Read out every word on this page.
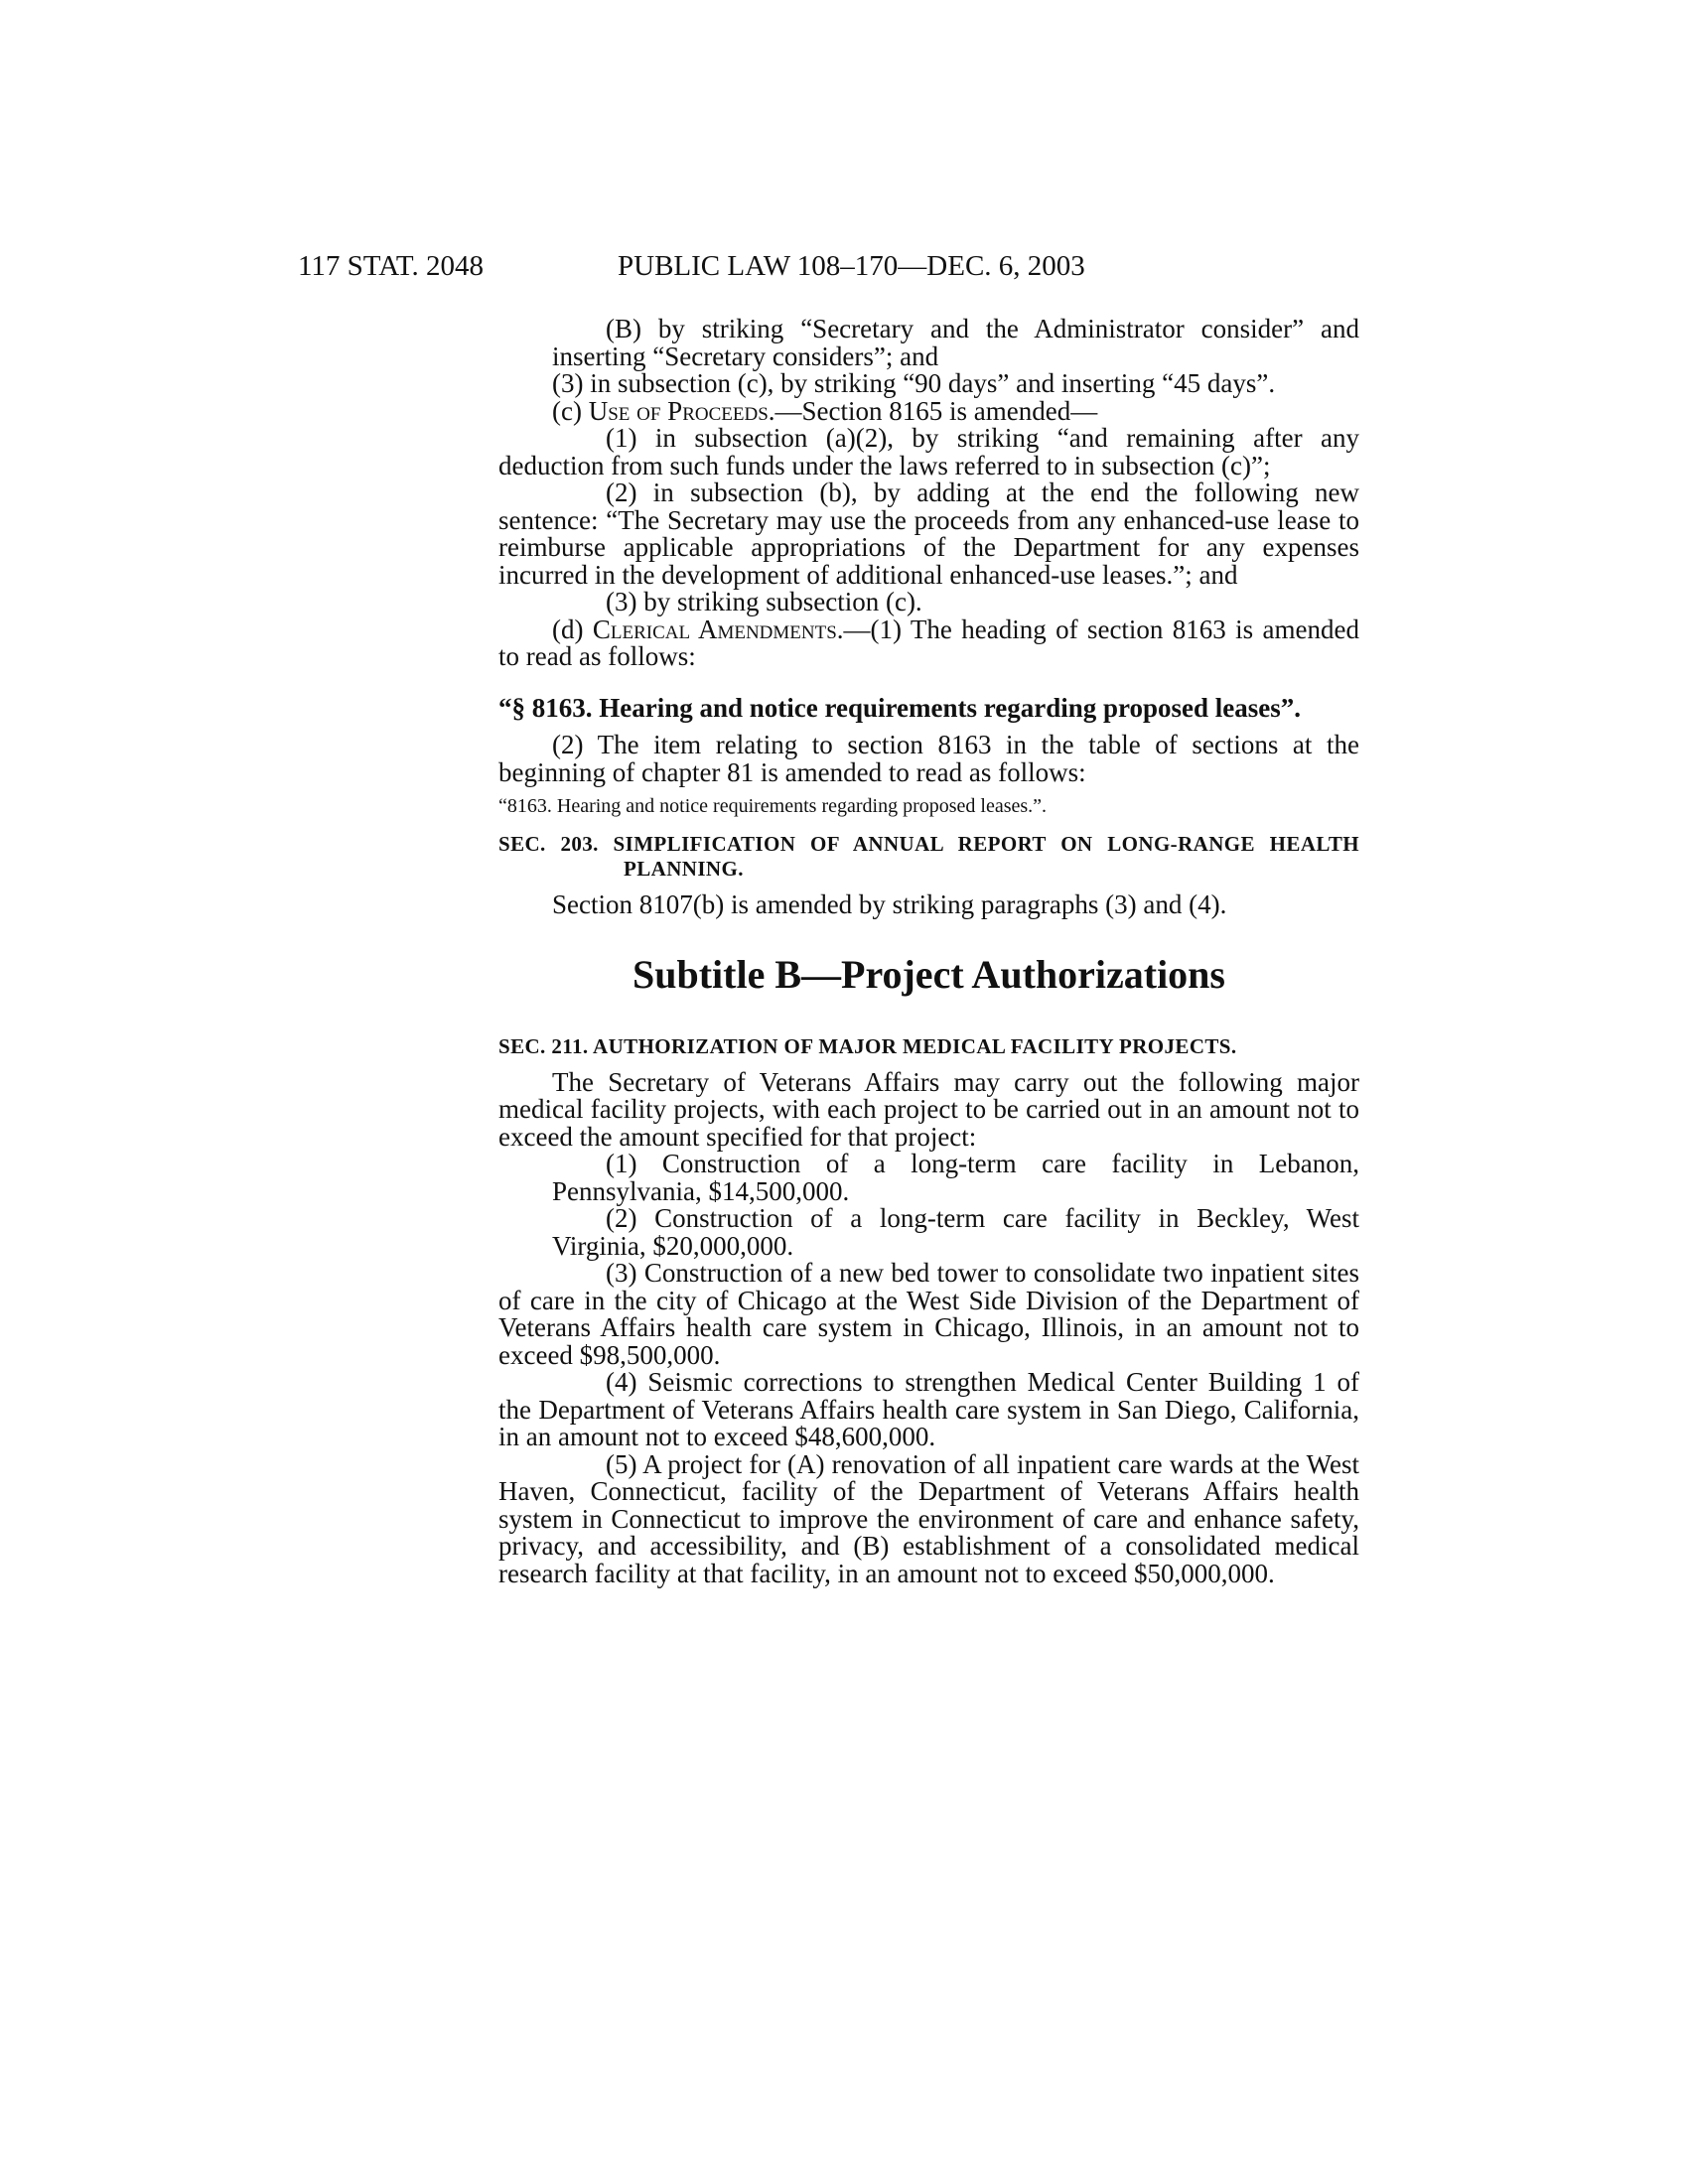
117 STAT. 2048	PUBLIC LAW 108–170—DEC. 6, 2003

(B) by striking “Secretary and the Administrator consider” and inserting “Secretary considers”; and

(3) in subsection (c), by striking “90 days” and inserting “45 days”.

(c) Use of Proceeds.—Section 8165 is amended—

(1) in subsection (a)(2), by striking “and remaining after any deduction from such funds under the laws referred to in subsection (c)”;

(2) in subsection (b), by adding at the end the following new sentence: “The Secretary may use the proceeds from any enhanced-use lease to reimburse applicable appropriations of the Department for any expenses incurred in the development of additional enhanced-use leases.”; and

(3) by striking subsection (c).

(d) Clerical Amendments.—(1) The heading of section 8163 is amended to read as follows:

“§ 8163. Hearing and notice requirements regarding proposed leases”.

(2) The item relating to section 8163 in the table of sections at the beginning of chapter 81 is amended to read as follows:

“8163. Hearing and notice requirements regarding proposed leases.”.

SEC. 203. SIMPLIFICATION OF ANNUAL REPORT ON LONG-RANGE HEALTH PLANNING.

Section 8107(b) is amended by striking paragraphs (3) and (4).

Subtitle B—Project Authorizations

SEC. 211. AUTHORIZATION OF MAJOR MEDICAL FACILITY PROJECTS.

The Secretary of Veterans Affairs may carry out the following major medical facility projects, with each project to be carried out in an amount not to exceed the amount specified for that project:

(1) Construction of a long-term care facility in Lebanon, Pennsylvania, $14,500,000.

(2) Construction of a long-term care facility in Beckley, West Virginia, $20,000,000.

(3) Construction of a new bed tower to consolidate two inpatient sites of care in the city of Chicago at the West Side Division of the Department of Veterans Affairs health care system in Chicago, Illinois, in an amount not to exceed $98,500,000.

(4) Seismic corrections to strengthen Medical Center Building 1 of the Department of Veterans Affairs health care system in San Diego, California, in an amount not to exceed $48,600,000.

(5) A project for (A) renovation of all inpatient care wards at the West Haven, Connecticut, facility of the Department of Veterans Affairs health system in Connecticut to improve the environment of care and enhance safety, privacy, and accessibility, and (B) establishment of a consolidated medical research facility at that facility, in an amount not to exceed $50,000,000.
